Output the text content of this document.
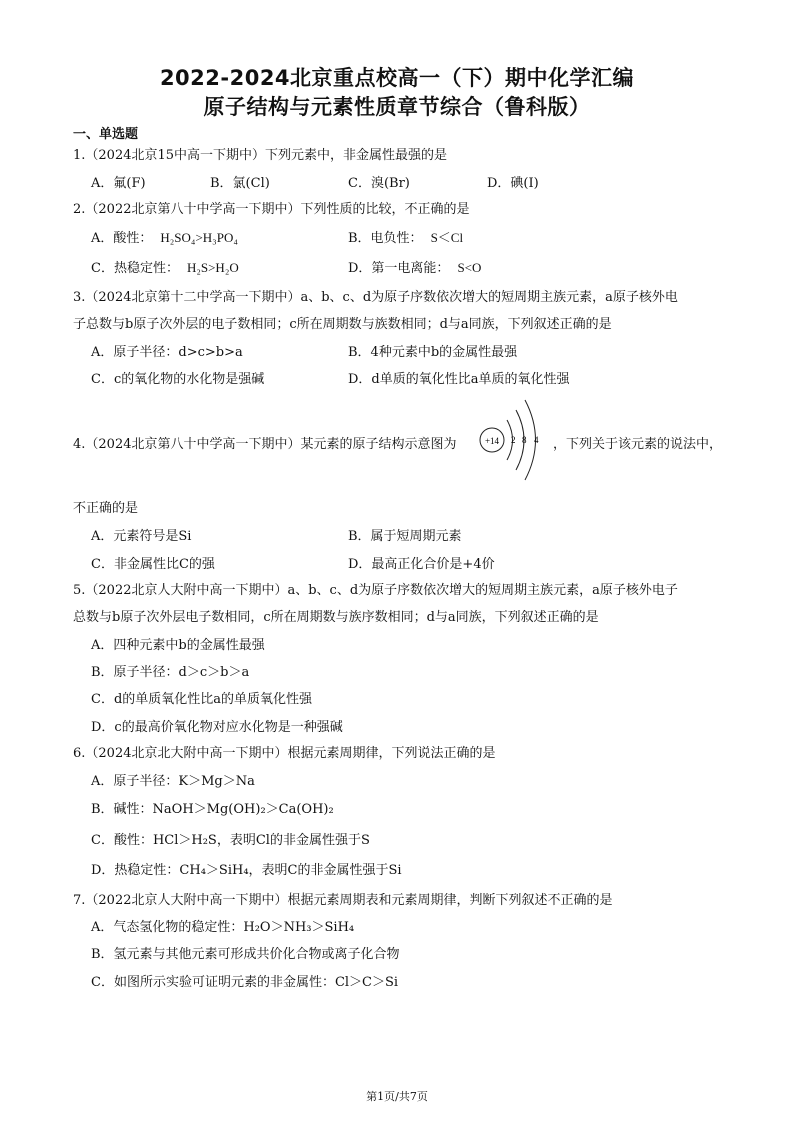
2022-2024北京重点校高一（下）期中化学汇编
原子结构与元素性质章节综合（鲁科版）
一、单选题
1.（2024北京15中高一下期中）下列元素中，非金属性最强的是
A．氟(F)	B．氯(Cl)	C．溴(Br)	D．碘(I)
2.（2022北京第八十中学高一下期中）下列性质的比较，不正确的是
A．酸性： H₂SO₄>H₃PO₄	B．电负性： S＜Cl
C．热稳定性： H₂S>H₂O	D．第一电离能： S<O
3.（2024北京第十二中学高一下期中）a、b、c、d为原子序数依次增大的短周期主族元素，a原子核外电
子总数与b原子次外层的电子数相同；c所在周期数与族数相同；d与a同族，下列叙述正确的是
A．原子半径：d>c>b>a	B．4种元素中b的金属性最强
C．c的氧化物的水化物是强碱	D．d单质的氧化性比a单质的氧化性强
4.（2024北京第八十中学高一下期中）某元素的原子结构示意图为	+14 2 8 4 ，下列关于该元素的说法中，
不正确的是
A．元素符号是Si	B．属于短周期元素
C．非金属性比C的强	D．最高正化合价是+4价
5.（2022北京人大附中高一下期中）a、b、c、d为原子序数依次增大的短周期主族元素，a原子核外电子
总数与b原子次外层电子数相同，c所在周期数与族序数相同；d与a同族，下列叙述正确的是
A．四种元素中b的金属性最强
B．原子半径：d＞c＞b＞a
C．d的单质氧化性比a的单质氧化性强
D．c的最高价氧化物对应水化物是一种强碱
6.（2024北京北大附中高一下期中）根据元素周期律，下列说法正确的是
A．原子半径：K＞Mg＞Na
B．碱性：NaOH＞Mg(OH)₂＞Ca(OH)₂
C．酸性：HCl＞H₂S，表明Cl的非金属性强于S
D．热稳定性：CH₄＞SiH₄，表明C的非金属性强于Si
7.（2022北京人大附中高一下期中）根据元素周期表和元素周期律，判断下列叙述不正确的是
A．气态氢化物的稳定性：H₂O＞NH₃＞SiH₄
B．氢元素与其他元素可形成共价化合物或离子化合物
C．如图所示实验可证明元素的非金属性：Cl＞C＞Si
第1页/共7页
